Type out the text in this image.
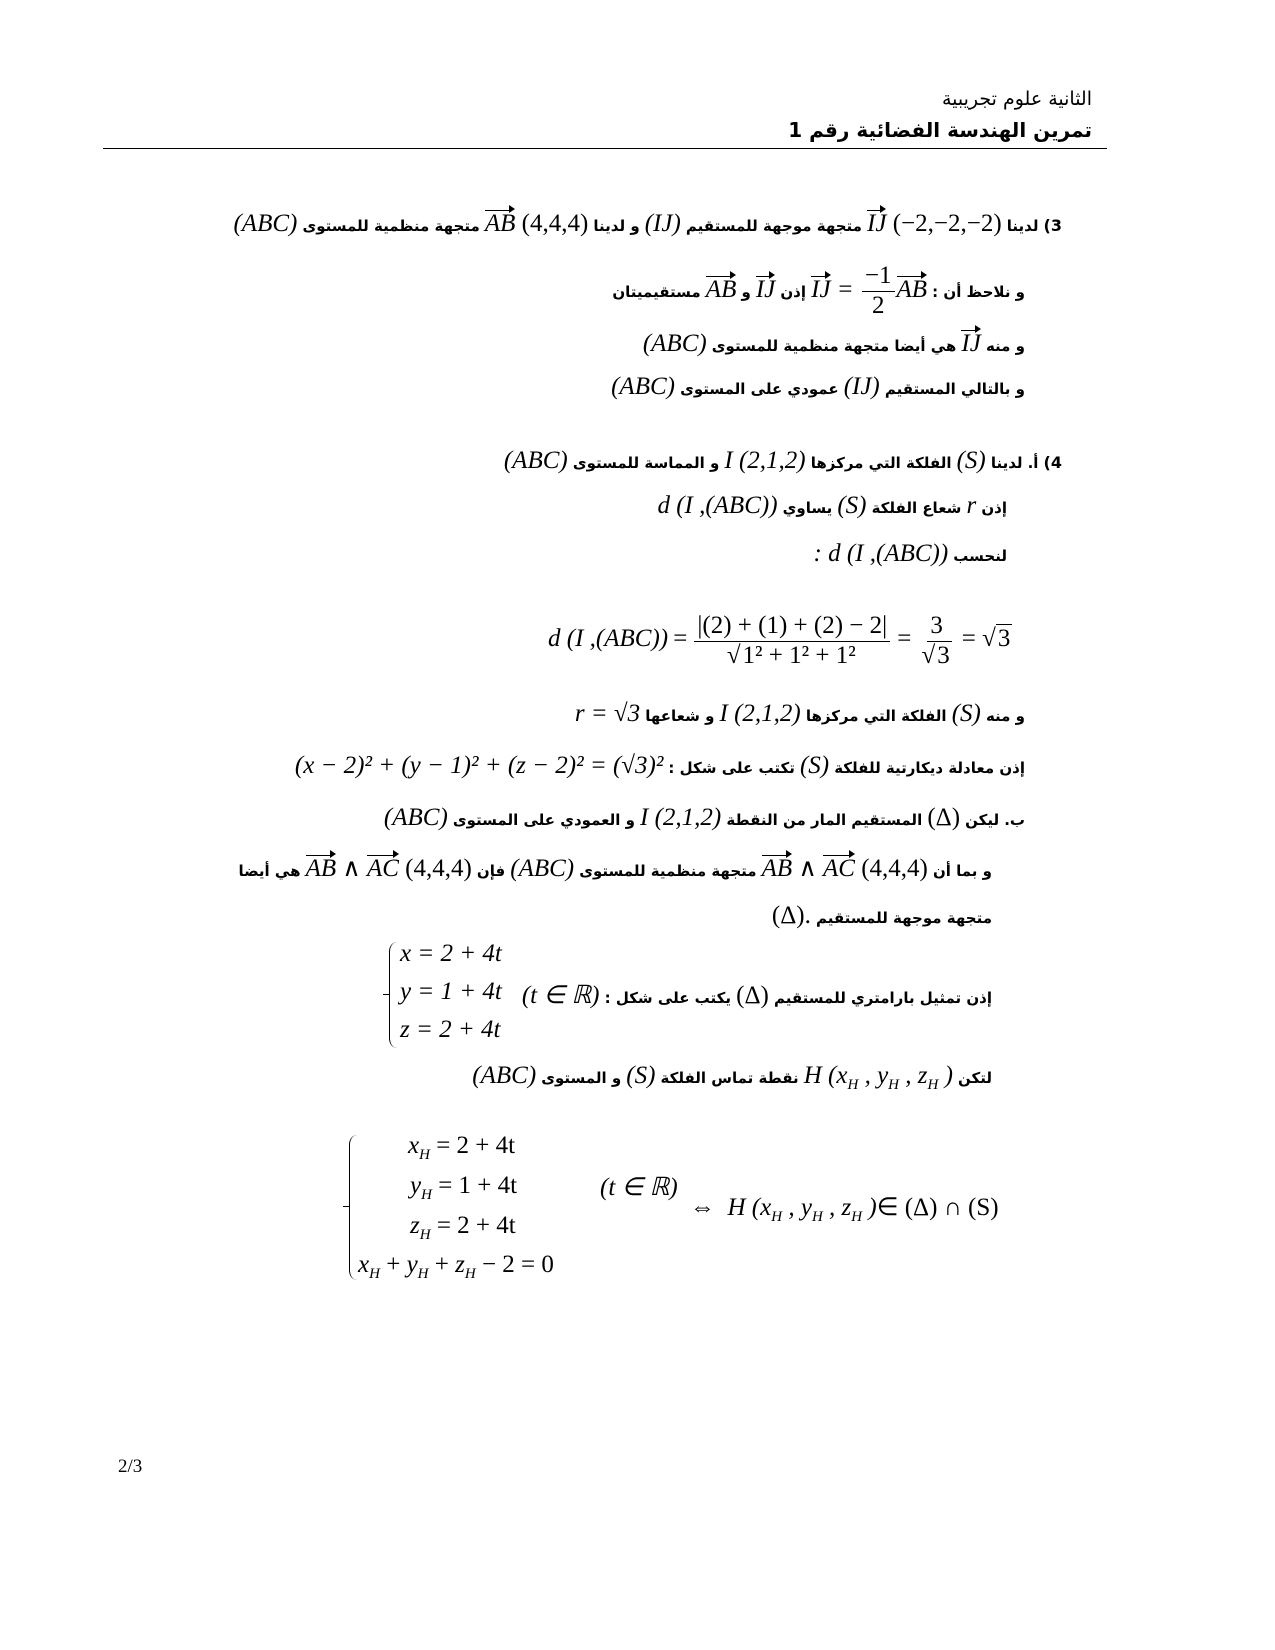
الثانية علوم تجريبية
تمرين الهندسة الفضائية رقم 1
3) لدينا IJ (−2,−2,−2) متجهة موجهة للمستقيم (IJ) و لدينا AB (4,4,4) متجهة منظمية للمستوى (ABC)
و نلاحظ أن : IJ = $\frac{-1}{2}$ AB إذن IJ و AB مستقيميتان
و منه IJ هي أيضا متجهة منظمية للمستوى (ABC)
و بالتالي المستقيم (IJ) عمودي على المستوى (ABC)
4) أ. لدينا (S) الفلكة التي مركزها I (2,1,2) و المماسة للمستوى (ABC)
إذن r شعاع الفلكة (S) يساوي d (I ,(ABC))
لنحسب : d (I ,(ABC))
d (I $,(ABC)) = \frac{|(2) + (1) + (2) - 2|}{\text{√1² + 1² + 1²}} = \frac{3}{√3} = √3$
و منه (S) الفلكة التي مركزها I (2,1,2) و شعاعها r = √3
إذن معادلة ديكارتية للفلكة (S) تكتب على شكل : (x − 2)² + (y − 1)² + (z − 2)² = (√3)²
ب. ليكن (Δ) المستقيم المار من النقطة I (2,1,2) و العمودي على المستوى (ABC)
و بما أن AB ∧ AC (4,4,4) متجهة منظمية للمستوى (ABC) فإن AB ∧ AC (4,4,4) هي أيضا
متجهة موجهة للمستقيم (Δ).
x = 2 + 4t
y = 1 + 4t
z = 2 + 4t
إذن تمثيل بارامتري للمستقيم (Δ) يكتب على شكل : (t ∈ ℝ)
لتكن H ($x_H$ , $y_H$ , $z_H$ ) نقطة تماس الفلكة (S) و المستوى (ABC)
$x_H = 2 + 4t$
$y_H = 1 + 4t$
$z_H = 2 + 4t$
$x_H + y_H + z_H - 2 = 0$
(t ∈ ℝ)
⇔ H ($x_H$ , $y_H$ , $z_H$ )∈ (Δ) ∩ (S)
2/3
